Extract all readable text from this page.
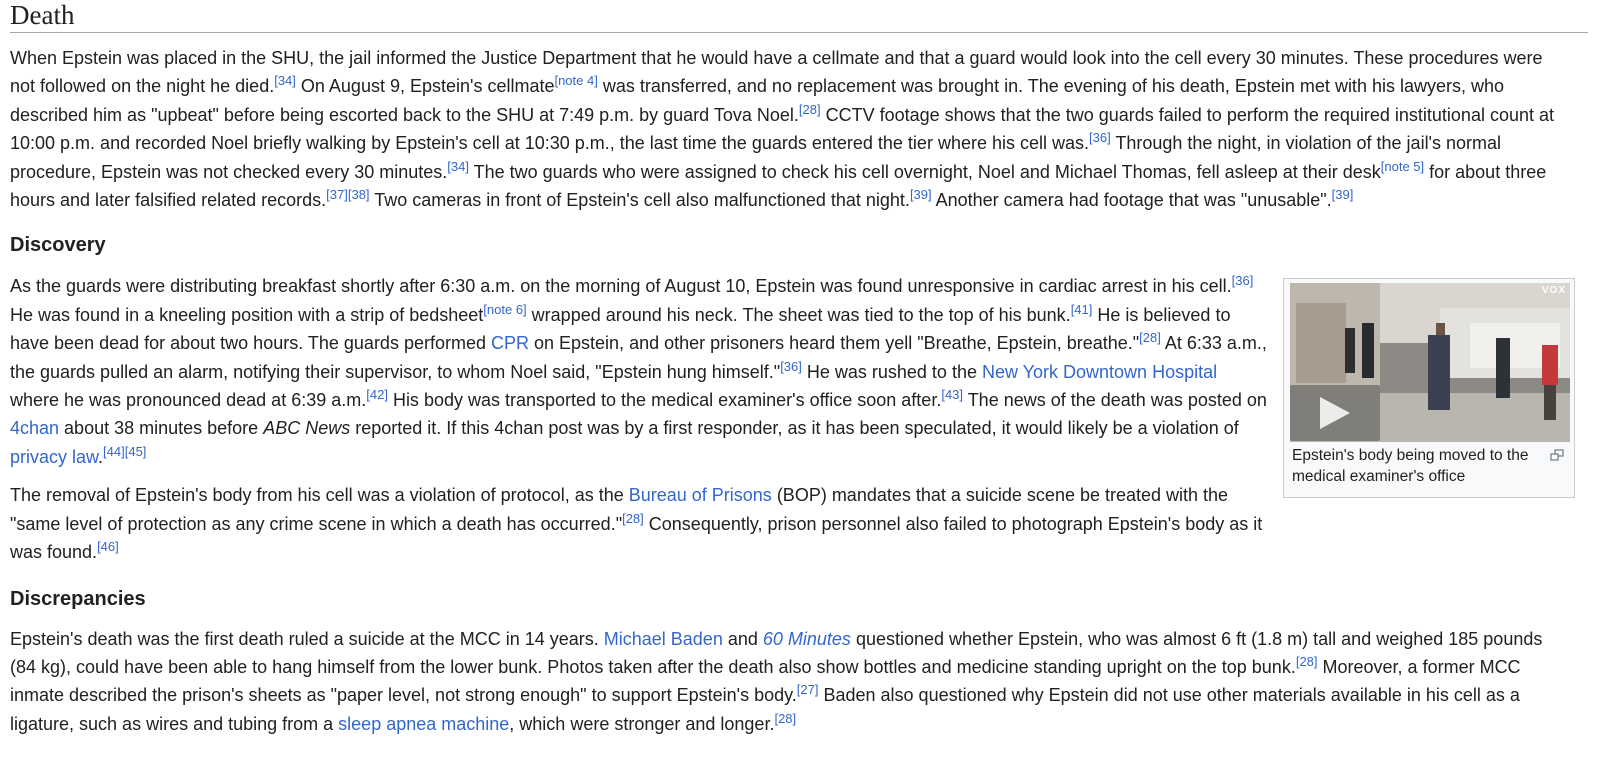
Death

When Epstein was placed in the SHU, the jail informed the Justice Department that he would have a cellmate and that a guard would look into the cell every 30 minutes. These procedures were not followed on the night he died.[34] On August 9, Epstein's cellmate[note 4] was transferred, and no replacement was brought in. The evening of his death, Epstein met with his lawyers, who described him as "upbeat" before being escorted back to the SHU at 7:49 p.m. by guard Tova Noel.[28] CCTV footage shows that the two guards failed to perform the required institutional count at 10:00 p.m. and recorded Noel briefly walking by Epstein's cell at 10:30 p.m., the last time the guards entered the tier where his cell was.[36] Through the night, in violation of the jail's normal procedure, Epstein was not checked every 30 minutes.[34] The two guards who were assigned to check his cell overnight, Noel and Michael Thomas, fell asleep at their desk[note 5] for about three hours and later falsified related records.[37][38] Two cameras in front of Epstein's cell also malfunctioned that night.[39] Another camera had footage that was "unusable".[39]

Discovery

As the guards were distributing breakfast shortly after 6:30 a.m. on the morning of August 10, Epstein was found unresponsive in cardiac arrest in his cell.[36] He was found in a kneeling position with a strip of bedsheet[note 6] wrapped around his neck. The sheet was tied to the top of his bunk.[41] He is believed to have been dead for about two hours. The guards performed CPR on Epstein, and other prisoners heard them yell "Breathe, Epstein, breathe."[28] At 6:33 a.m., the guards pulled an alarm, notifying their supervisor, to whom Noel said, "Epstein hung himself."[36] He was rushed to the New York Downtown Hospital where he was pronounced dead at 6:39 a.m.[42] His body was transported to the medical examiner's office soon after.[43] The news of the death was posted on 4chan about 38 minutes before ABC News reported it. If this 4chan post was by a first responder, as it has been speculated, it would likely be a violation of privacy law.[44][45]

The removal of Epstein's body from his cell was a violation of protocol, as the Bureau of Prisons (BOP) mandates that a suicide scene be treated with the "same level of protection as any crime scene in which a death has occurred."[28] Consequently, prison personnel also failed to photograph Epstein's body as it was found.[46]

Discrepancies

Epstein's death was the first death ruled a suicide at the MCC in 14 years. Michael Baden and 60 Minutes questioned whether Epstein, who was almost 6 ft (1.8 m) tall and weighed 185 pounds (84 kg), could have been able to hang himself from the lower bunk. Photos taken after the death also show bottles and medicine standing upright on the top bunk.[28] Moreover, a former MCC inmate described the prison's sheets as "paper level, not strong enough" to support Epstein's body.[27] Baden also questioned why Epstein did not use other materials available in his cell as a ligature, such as wires and tubing from a sleep apnea machine, which were stronger and longer.[28]

VOX
Epstein's body being moved to the medical examiner's office
